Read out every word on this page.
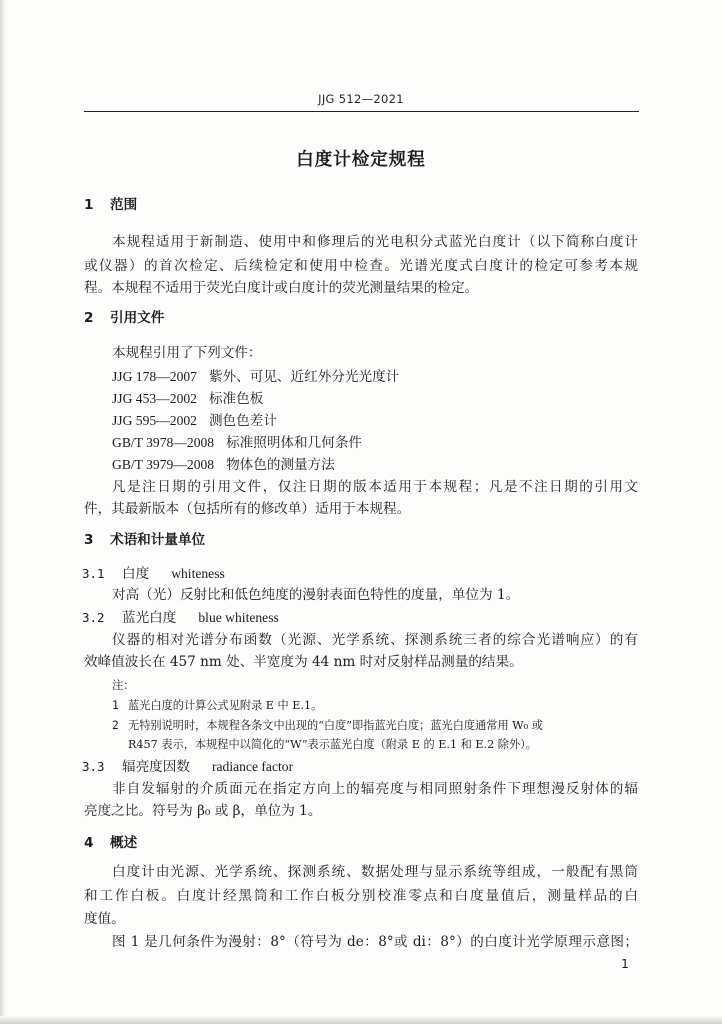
JJG 512—2021
白度计检定规程
1 范围
本规程适用于新制造、使用中和修理后的光电积分式蓝光白度计（以下简称白度计
或仪器）的首次检定、后续检定和使用中检查。光谱光度式白度计的检定可参考本规
程。本规程不适用于荧光白度计或白度计的荧光测量结果的检定。
2 引用文件
本规程引用了下列文件：
JJG 178—2007 紫外、可见、近红外分光光度计
JJG 453—2002 标准色板
JJG 595—2002 测色色差计
GB/T 3978—2008 标准照明体和几何条件
GB/T 3979—2008 物体色的测量方法
凡是注日期的引用文件，仅注日期的版本适用于本规程；凡是不注日期的引用文
件，其最新版本（包括所有的修改单）适用于本规程。
3 术语和计量单位
3.1 白度 whiteness
对高（光）反射比和低色纯度的漫射表面色特性的度量，单位为 1。
3.2 蓝光白度 blue whiteness
仪器的相对光谱分布函数（光源、光学系统、探测系统三者的综合光谱响应）的有
效峰值波长在 457 nm 处、半宽度为 44 nm 时对反射样品测量的结果。
注：
1 蓝光白度的计算公式见附录 E 中 E.1。
2 无特别说明时，本规程各条文中出现的“白度”即指蓝光白度；蓝光白度通常用 W₀ 或
R457 表示，本规程中以简化的“W”表示蓝光白度（附录 E 的 E.1 和 E.2 除外）。
3.3 辐亮度因数 radiance factor
非自发辐射的介质面元在指定方向上的辐亮度与相同照射条件下理想漫反射体的辐
亮度之比。符号为 β₀ 或 β，单位为 1。
4 概述
白度计由光源、光学系统、探测系统、数据处理与显示系统等组成，一般配有黑筒
和工作白板。白度计经黑筒和工作白板分别校准零点和白度量值后，测量样品的白
度值。
图 1 是几何条件为漫射：8°（符号为 de：8°或 di：8°）的白度计光学原理示意图；
1
